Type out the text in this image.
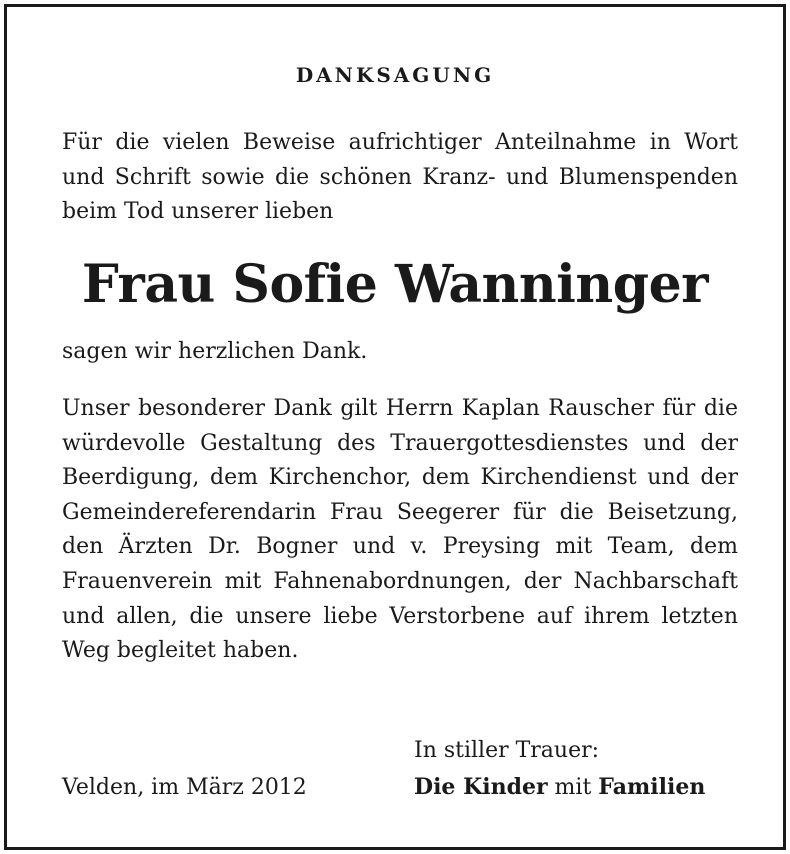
DANKSAGUNG

Für die vielen Beweise aufrichtiger Anteilnahme in Wort und Schrift sowie die schönen Kranz- und Blumenspenden beim Tod unserer lieben

Frau Sofie Wanninger

sagen wir herzlichen Dank.

Unser besonderer Dank gilt Herrn Kaplan Rauscher für die würdevolle Gestaltung des Trauergottesdienstes und der Beerdigung, dem Kirchenchor, dem Kirchendienst und der Gemeindereferendarin Frau Seegerer für die Beisetzung, den Ärzten Dr. Bogner und v. Preysing mit Team, dem Frauenverein mit Fahnenabordnungen, der Nachbarschaft und allen, die unsere liebe Verstorbene auf ihrem letzten Weg begleitet haben.

Velden, im März 2012
In stiller Trauer:
Die Kinder mit Familien
